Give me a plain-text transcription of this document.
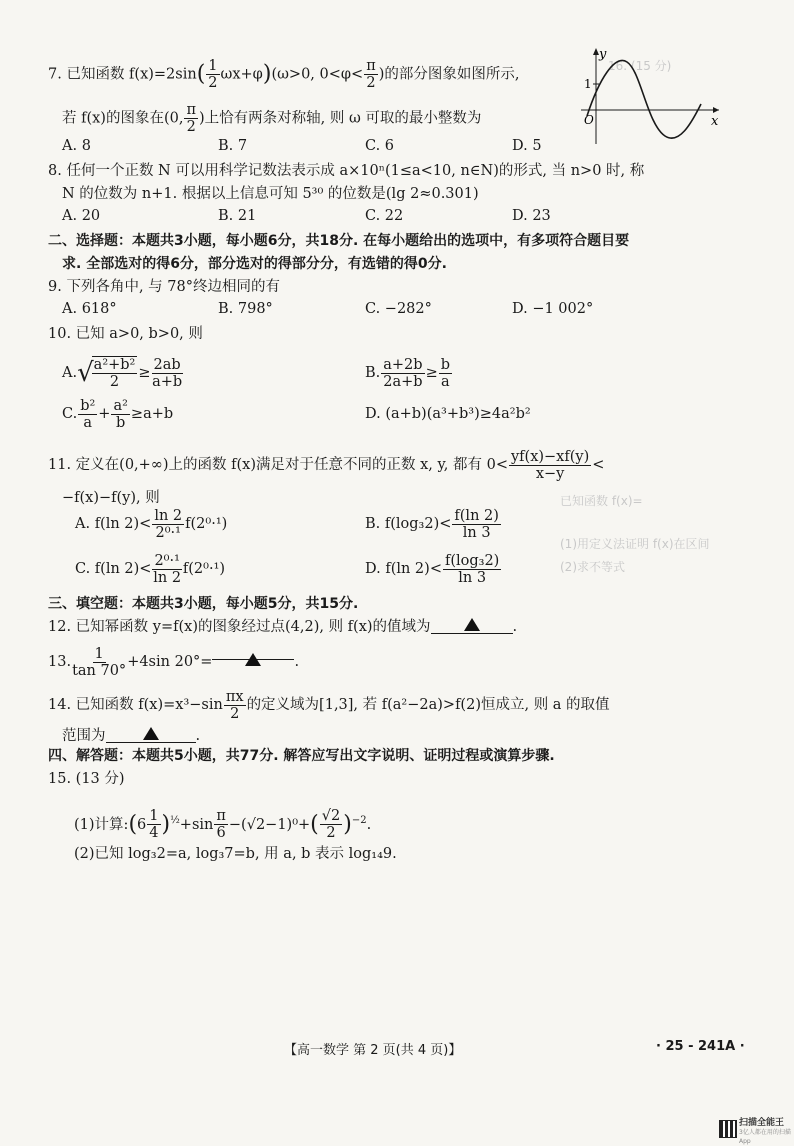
16. (15 分)
已知函数 f(x)=
(1)用定义法证明 f(x)在区间
(2)求不等式
7. 已知函数 $f(x)=2\sin( \frac{1}{2} \omega x+\varphi)(\omega>0$, $0<\varphi< \frac{\pi}{2}$ )的部分图象如图所示,
若 f(x)的图象在(0, $\frac{\pi}{2}$ )上恰有两条对称轴, 则 ω 可取的最小整数为
A. 8	B. 7	C. 6	D. 5
y
x
O
1
8. 任何一个正数 N 可以用科学记数法表示成 a×10ⁿ(1≤a<10, n∈N)的形式, 当 n>0 时, 称
N 的位数为 n+1. 根据以上信息可知 5³⁰ 的位数是(lg 2≈0.301)
A. 20	B. 21	C. 22	D. 23
二、选择题：本题共3小题，每小题6分，共18分. 在每小题给出的选项中，有多项符合题目要
求. 全部选对的得6分，部分选对的得部分分，有选错的得0分.
9. 下列各角中, 与 78°终边相同的有
A. 618°	B. 798°	C. −282°	D. −1 002°
10. 已知 a>0, b>0, 则
A.√
$\frac{\text{a²+b²}}{2} \ge \frac{2ab}{a+b}$	B. $\frac{a+2b}{2a+b} \ge \frac{b}{a}$
C. $\frac{\text{b²}}{a} + \frac{\text{a²}}{b} \ge a+b$	D. (a+b)(a³+b³)≥4a²b²
11. 定义在(0,+∞)上的函数 f(x)满足对于任意不同的正数 x, y, 都有 $0< \frac{yf(x)-xf(y)}{x-y}$ <
−f(x)−f(y), 则
A. f(ln $2)< \frac{\ln 2}{\text{2⁰·¹}} f(2^0\cdot^1)$	B. $f(\log_32)< \frac{f(\ln 2)}{\ln 3}$
C. f(ln $2)< \frac{\text{2⁰·¹}}{\ln 2} f(2^0\cdot^1)$	D. f(ln $2)< \frac{\text{f(log₃2)}}{\ln 3}$
三、填空题：本题共3小题，每小题5分，共15分.
12. 已知幂函数 y=f(x)的图象经过点(4,2), 则 f(x)的值域为	.
13. $\frac{1}{\tan 70^\circ} +4\sin$ 20°=	.
14. 已知函数 $f(x)=x^3-\sin \frac{\pi x}{2}$ 的定义域为[1,3], 若 f(a²−2a)>f(2)恒成立, 则 a 的取值
范围为	.
四、解答题：本题共5小题，共77分. 解答应写出文字说明、证明过程或演算步骤.
15. (13 分)
(1)计算:(6 $\frac{1}{4} )^{\frac{1}{2}}+\sin \frac{\pi}{6} -(√2-1)^0+( \frac{√2}{2} )^{-2}$.
(2)已知 log₃2=a, log₃7=b, 用 a, b 表示 log₁₄9.
【高一数学 第 2 页(共 4 页)】	· 25 - 241A ·
扫描全能王
3亿人都在用的扫描App
